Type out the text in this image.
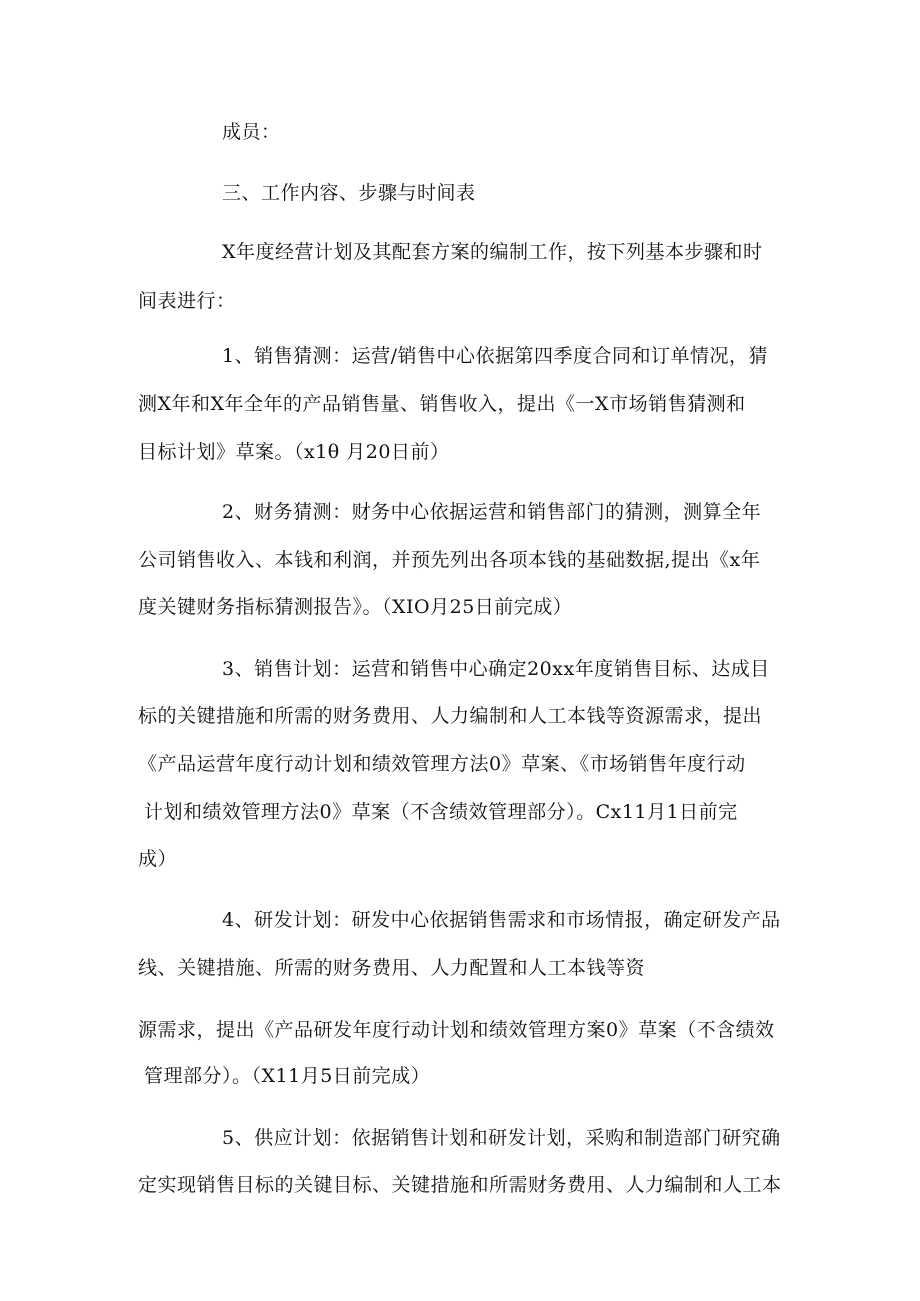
成员：
三、工作内容、步骤与时间表
X年度经营计划及其配套方案的编制工作，按下列基本步骤和时
间表进行：
1、销售猜测：运营/销售中心依据第四季度合同和订单情况，猜
测X年和X年全年的产品销售量、销售收入，提出《一X市场销售猜测和
目标计划》草案。（x1θ 月20日前）
2、财务猜测：财务中心依据运营和销售部门的猜测，测算全年
公司销售收入、本钱和利润，并预先列出各项本钱的基础数据,提出《x年
度关键财务指标猜测报告》。（XIO月25日前完成）
3、销售计划：运营和销售中心确定20xx年度销售目标、达成目
标的关键措施和所需的财务费用、人力编制和人工本钱等资源需求，提出
《产品运营年度行动计划和绩效管理方法0》草案、《市场销售年度行动
计划和绩效管理方法0》草案（不含绩效管理部分）。Cx11月1日前完
成）
4、研发计划：研发中心依据销售需求和市场情报，确定研发产品
线、关键措施、所需的财务费用、人力配置和人工本钱等资
源需求，提出《产品研发年度行动计划和绩效管理方案0》草案（不含绩效
管理部分）。（X11月5日前完成）
5、供应计划：依据销售计划和研发计划，采购和制造部门研究确
定实现销售目标的关键目标、关键措施和所需财务费用、人力编制和人工本
